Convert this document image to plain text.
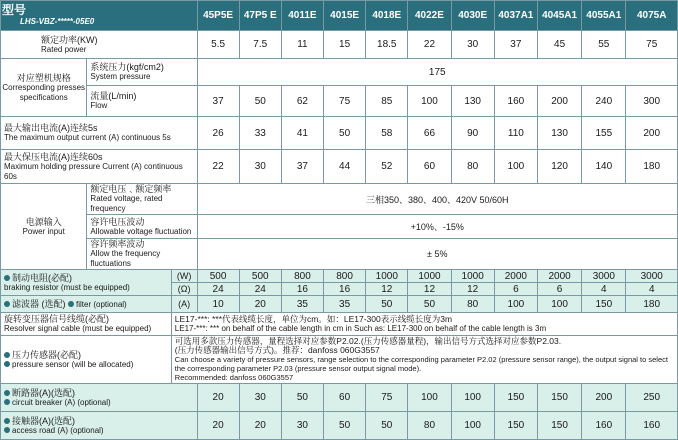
型号
LHS-VBZ-*****-05E0			45P5E	47P5 E	4011E	4015E	4018E	4022E	4030E	4037A1	4045A1	4055A1	4075A

额定功率(KW)
Rated power			5.5	7.5	11	15	18.5	22	30	37	45	55	75

对应塑机规格
Corresponding presses specifications	系统压力(kgf/cm2)
System pressure		175										

	流量(L/min)
Flow		37	50	62	75	85	100	130	160	200	240	300

最大输出电流(A)连续5s
The maximum output current (A) continuous 5s			26	33	41	50	58	66	90	110	130	155	200

最大保压电流(A)连续60s
Maximum holding pressure Current (A) continuous 60s			22	30	37	44	52	60	80	100	120	140	180

电源输入
Power input	额定电压﹑额定频率
Rated voltage, rated frequency		三相350、380、400、420V 50/60H										

	容许电压波动
Allowable voltage fluctuation		+10%、-15%										

	容许频率波动
Allow the frequency fluctuations		± 5%										

制动电阻(必配)
braking resistor (must be equipped)		(W)	500	500	800	800	1000	1000	1000	2000	2000	3000	3000
		(Ω)	24	24	16	16	12	12	12	6	6	4	4
滤波器 (选配) filter (optional)		(A)	10	20	35	35	50	50	80	100	100	150	180

旋转变压器信号线缆(必配)
Resolver signal cable (must be equipped)		LE17-***: ***代表线缆长度，单位为cm。如：LE17-300表示线缆长度为3m
LE17-***: *** on behalf of the cable length in cm in Such as: LE17-300 on behalf of the cable length is 3m											

压力传感器(必配)
pressure sensor (will be allocated)		可选用多款压力传感器，量程选择对应参数P2.02.(压力传感器量程)，输出信号方式选择对应参数P2.03.
(压力传感器输出信号方式)。推荐：danfoss 060G3557
Can choose a variety of pressure sensors, range selection to the corresponding parameter P2.02 (pressure sensor range), the output signal to select the corresponding parameter P2.03 (pressure sensor output signal mode).
Recommended: danfoss 060G3557											

断路器(A)(选配)
circuit breaker (A) (optional)			20	30	50	60	75	100	100	150	150	200	250

接触器(A)(选配)
access road (A) (optional)			20	20	30	50	50	80	100	150	150	160	160
